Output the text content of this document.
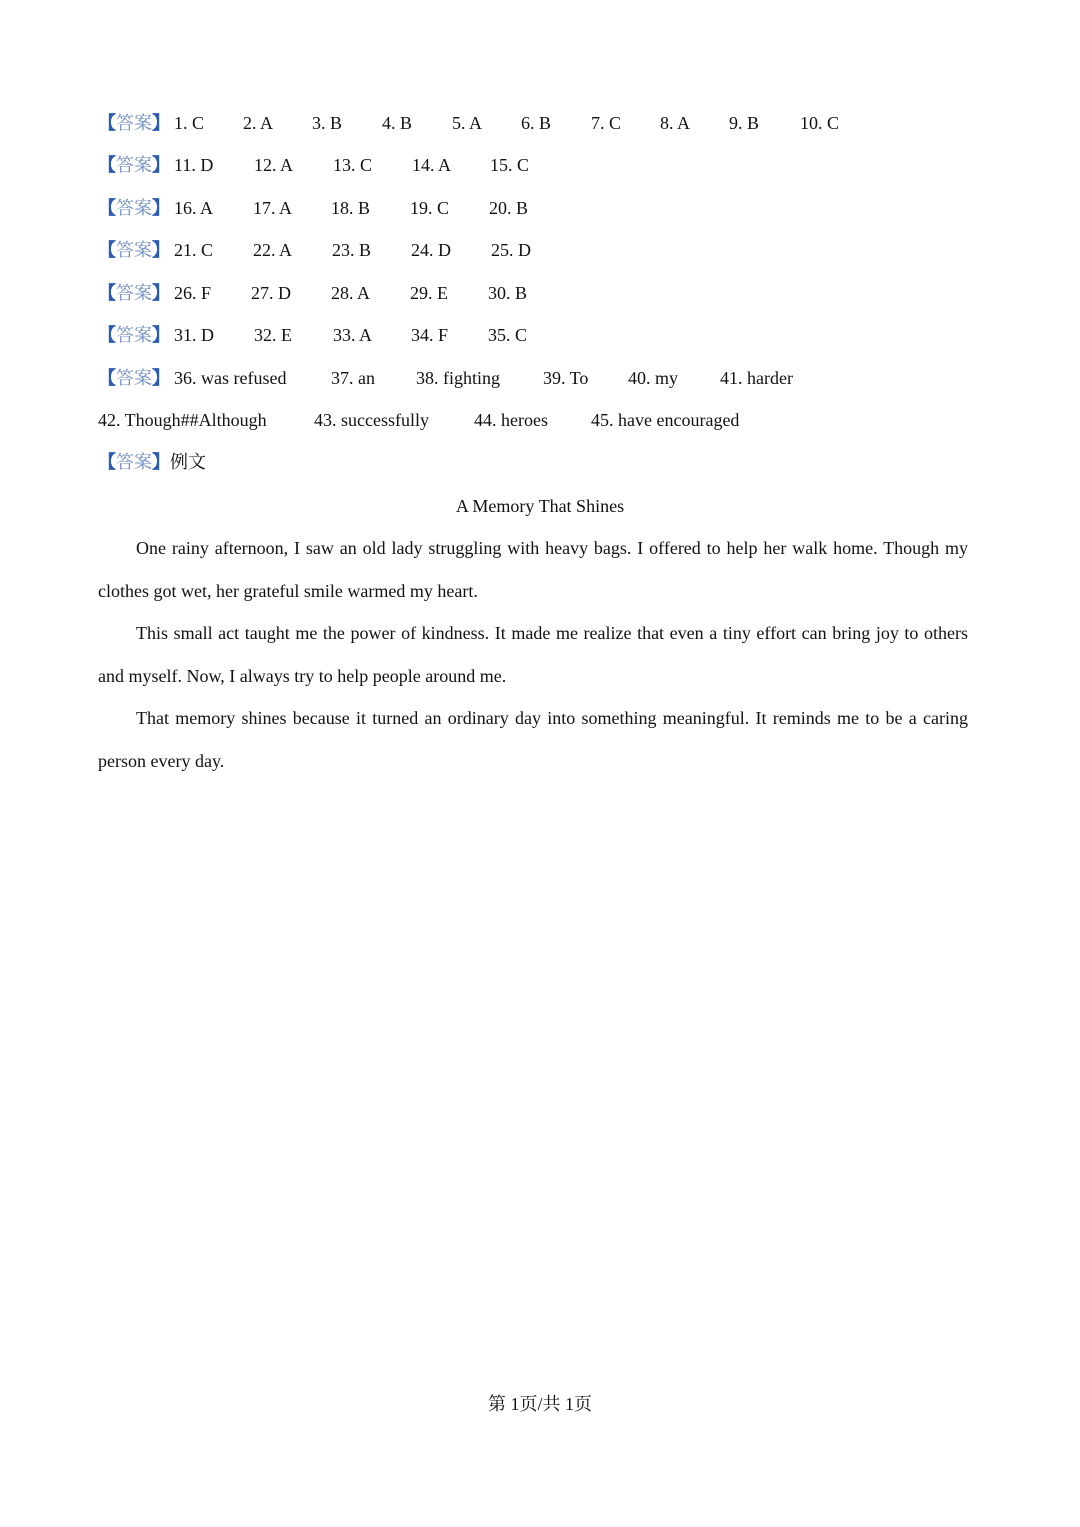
【答案】 1. C 2. A 3. B 4. B 5. A 6. B 7. C 8. A 9. B 10. C
【答案】 11. D 12. A 13. C 14. A 15. C
【答案】 16. A 17. A 18. B 19. C 20. B
【答案】 21. C 22. A 23. B 24. D 25. D
【答案】 26. F 27. D 28. A 29. E 30. B
【答案】 31. D 32. E 33. A 34. F 35. C
【答案】 36. was refused 37. an 38. fighting 39. To 40. my 41. harder
42. Though##Although	43. successfully	44. heroes 45. have encouraged
【答案】例文
A Memory That Shines

One rainy afternoon, I saw an old lady struggling with heavy bags. I offered to help her walk home. Though my clothes got wet, her grateful smile warmed my heart.

This small act taught me the power of kindness. It made me realize that even a tiny effort can bring joy to others and myself. Now, I always try to help people around me.

That memory shines because it turned an ordinary day into something meaningful. It reminds me to be a caring person every day.

第 1页/共 1页
